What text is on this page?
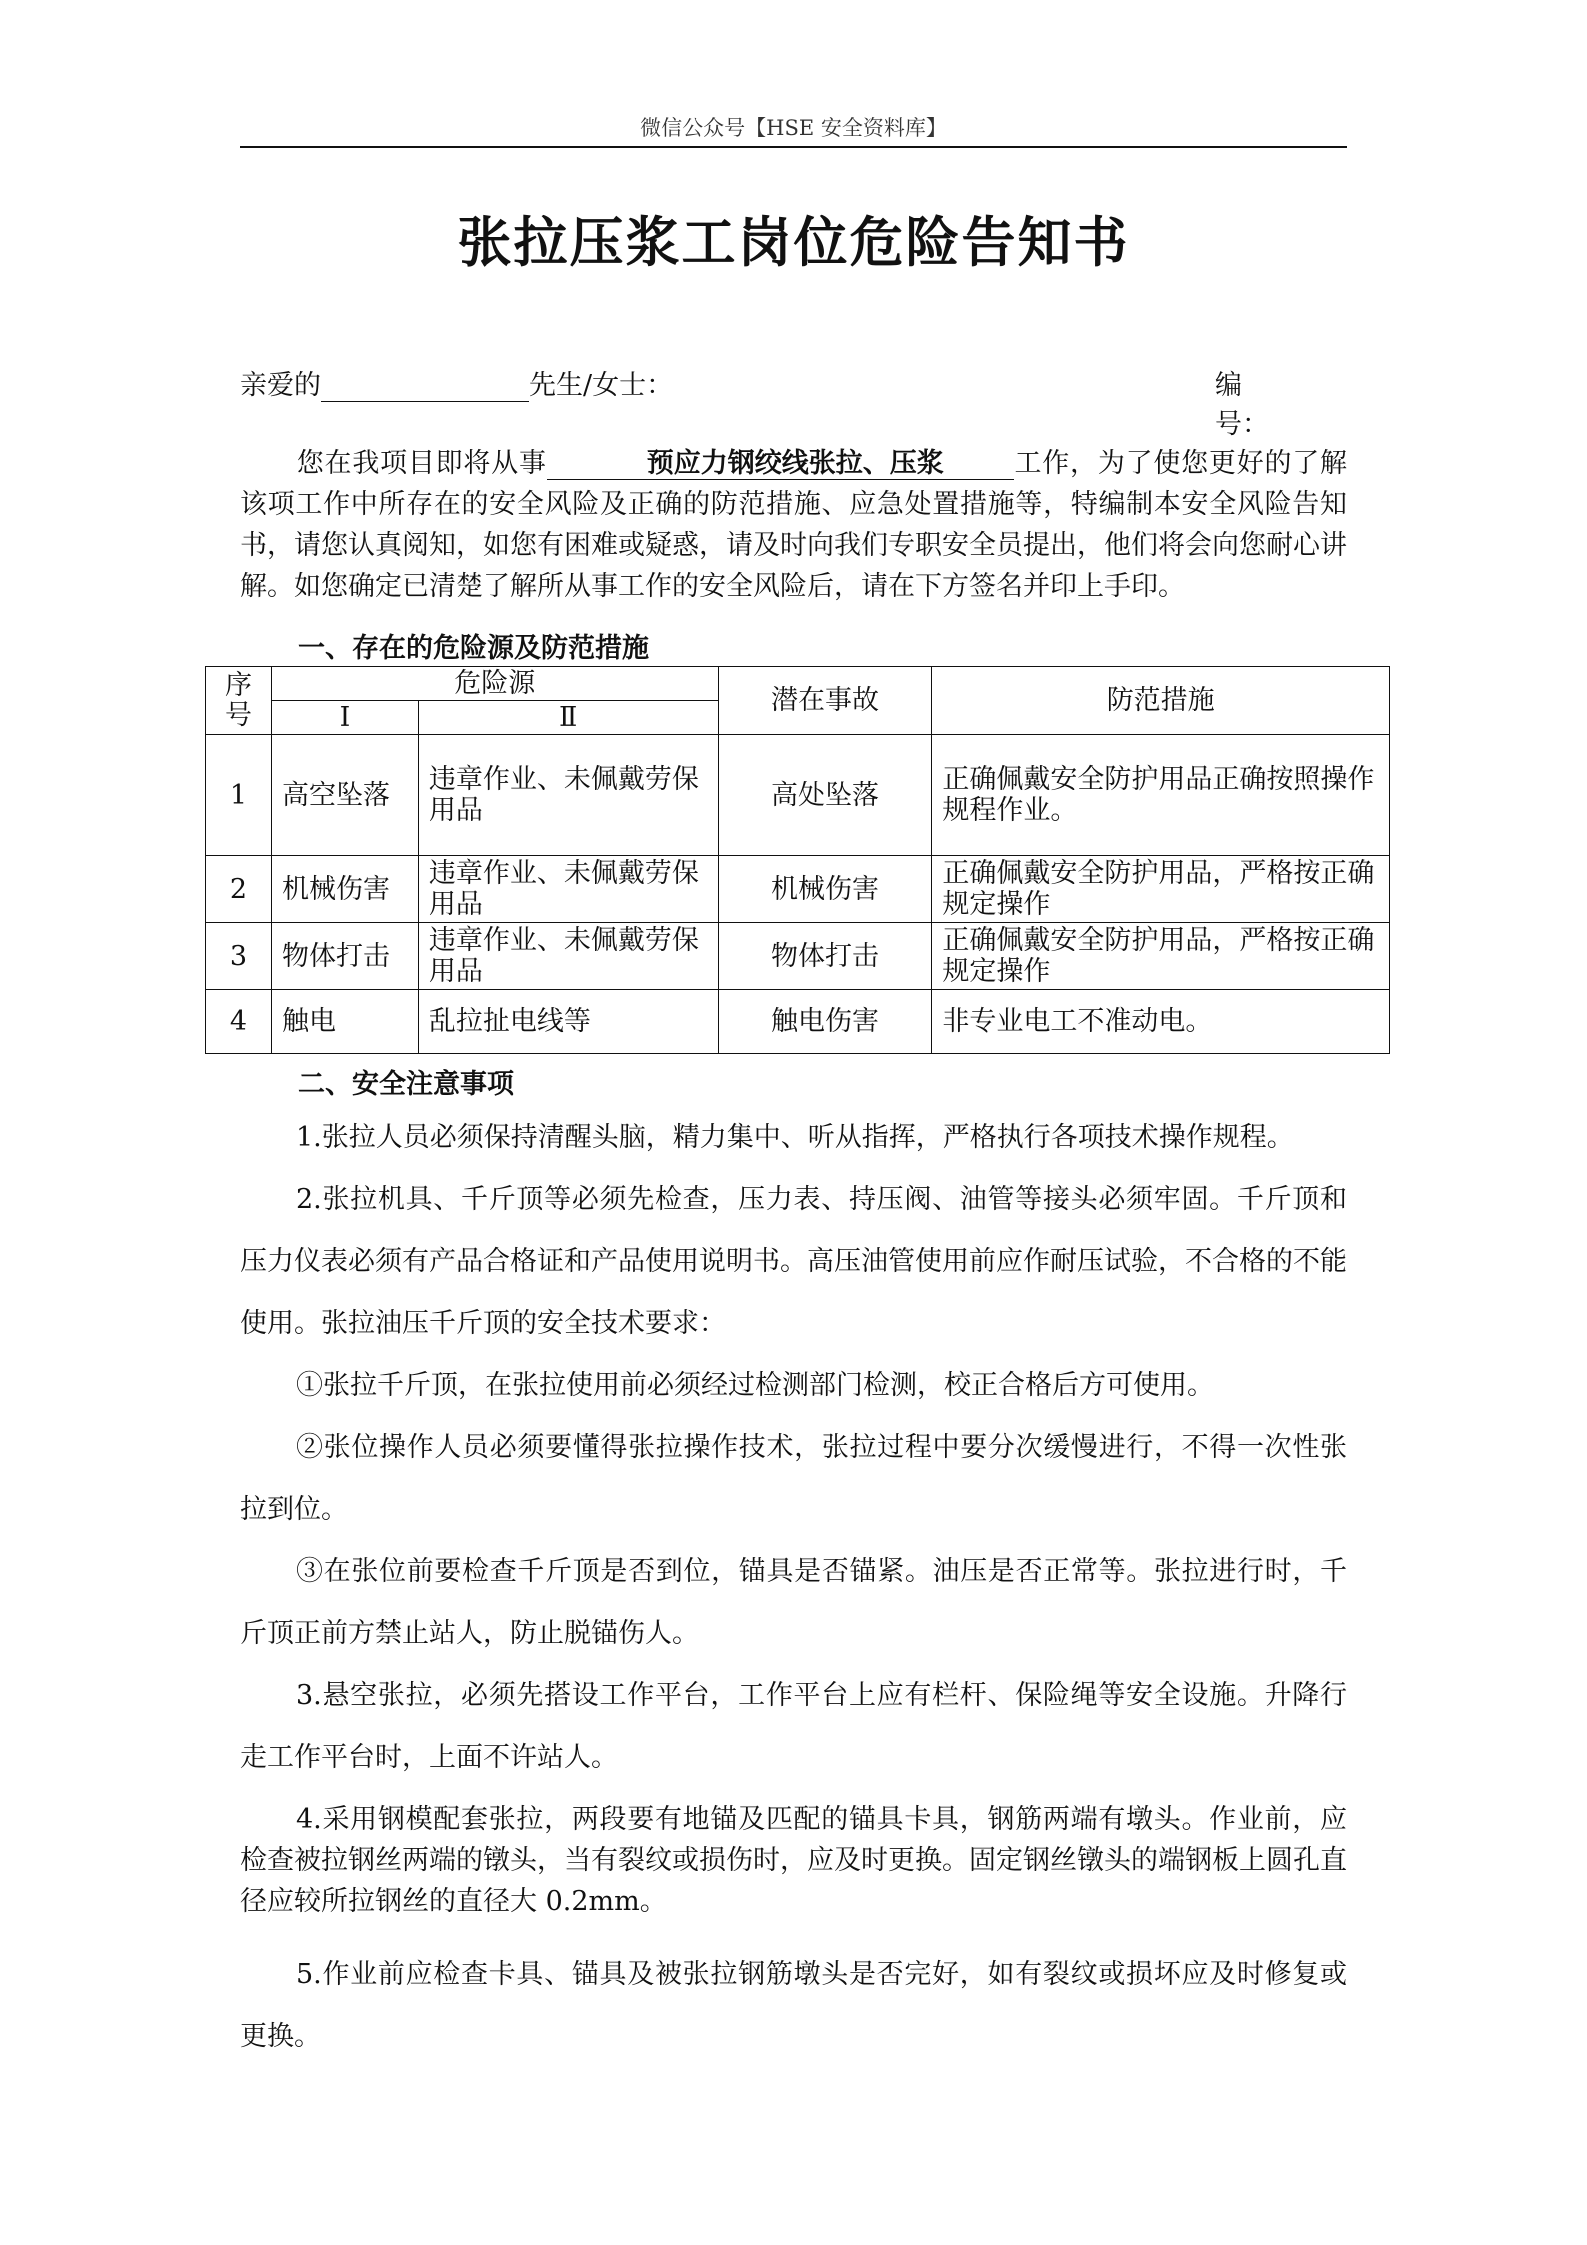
微信公众号【HSE 安全资料库】
张拉压浆工岗位危险告知书
亲爱的	先生/女士：	编号：
您在我项目即将从事	预应力钢绞线张拉、压浆	工作，为了使您更好的了解该项工作中所存在的安全风险及正确的防范措施、应急处置措施等，特编制本安全风险告知书，请您认真阅知，如您有困难或疑惑，请及时向我们专职安全员提出，他们将会向您耐心讲解。如您确定已清楚了解所从事工作的安全风险后，请在下方签名并印上手印。
一、存在的危险源及防范措施
序号	危险源		潜在事故	防范措施
	Ⅰ	Ⅱ		
1	高空坠落	违章作业、未佩戴劳保用品	高处坠落	正确佩戴安全防护用品正确按照操作规程作业。
2	机械伤害	违章作业、未佩戴劳保用品	机械伤害	正确佩戴安全防护用品，严格按正确规定操作
3	物体打击	违章作业、未佩戴劳保用品	物体打击	正确佩戴安全防护用品，严格按正确规定操作
4	触电	乱拉扯电线等	触电伤害	非专业电工不准动电。
二、安全注意事项

1.张拉人员必须保持清醒头脑，精力集中、听从指挥，严格执行各项技术操作规程。

2.张拉机具、千斤顶等必须先检查，压力表、持压阀、油管等接头必须牢固。千斤顶和压力仪表必须有产品合格证和产品使用说明书。高压油管使用前应作耐压试验，不合格的不能使用。张拉油压千斤顶的安全技术要求：

①张拉千斤顶，在张拉使用前必须经过检测部门检测，校正合格后方可使用。

②张位操作人员必须要懂得张拉操作技术，张拉过程中要分次缓慢进行，不得一次性张拉到位。

③在张位前要检查千斤顶是否到位，锚具是否锚紧。油压是否正常等。张拉进行时，千斤顶正前方禁止站人，防止脱锚伤人。

3.悬空张拉，必须先搭设工作平台，工作平台上应有栏杆、保险绳等安全设施。升降行走工作平台时，上面不许站人。

4.采用钢模配套张拉，两段要有地锚及匹配的锚具卡具，钢筋两端有墩头。作业前，应检查被拉钢丝两端的镦头，当有裂纹或损伤时，应及时更换。固定钢丝镦头的端钢板上圆孔直径应较所拉钢丝的直径大 0.2mm。

5.作业前应检查卡具、锚具及被张拉钢筋墩头是否完好，如有裂纹或损坏应及时修复或更换。
